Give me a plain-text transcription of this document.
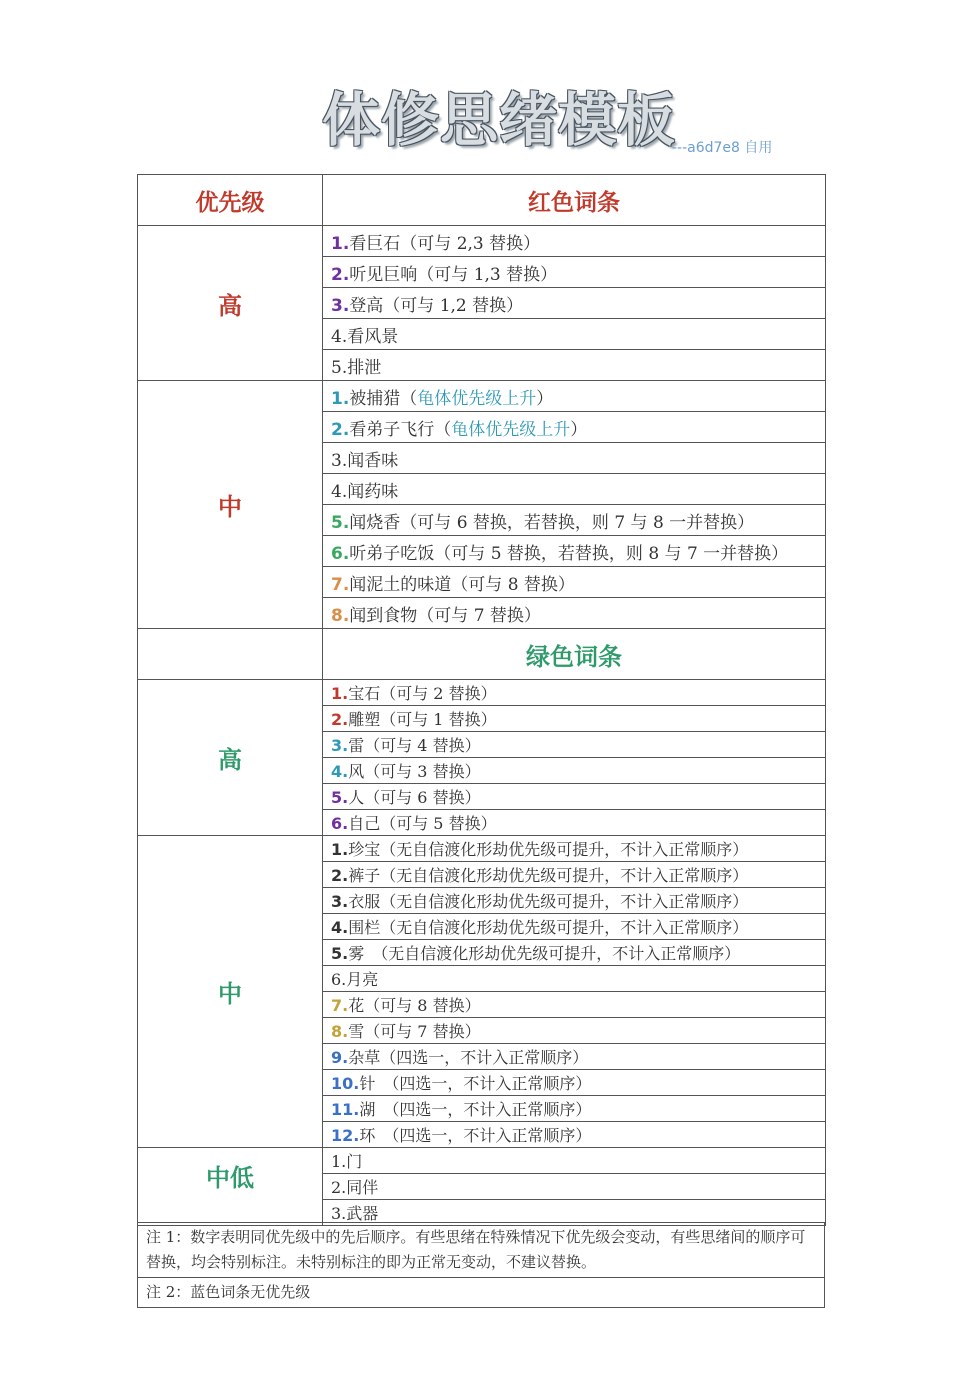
体修思绪模板
---a6d7e8 自用
优先级	红色词条
高	1.看巨石（可与 2,3 替换）
	2.听见巨响（可与 1,3 替换）
	3.登高（可与 1,2 替换）
	4.看风景
	5.排泄
中	1.被捕猎（龟体优先级上升）
	2.看弟子飞行（龟体优先级上升）
	3.闻香味
	4.闻药味
	5.闻烧香（可与 6 替换，若替换，则 7 与 8 一并替换）
	6.听弟子吃饭（可与 5 替换，若替换，则 8 与 7 一并替换）
	7.闻泥土的味道（可与 8 替换）
	8.闻到食物（可与 7 替换）
	绿色词条
高	1.宝石（可与 2 替换）
	2.雕塑（可与 1 替换）
	3.雷（可与 4 替换）
	4.风（可与 3 替换）
	5.人（可与 6 替换）
	6.自己（可与 5 替换）
中	1.珍宝（无自信渡化形劫优先级可提升，不计入正常顺序）
	2.裤子（无自信渡化形劫优先级可提升，不计入正常顺序）
	3.衣服（无自信渡化形劫优先级可提升，不计入正常顺序）
	4.围栏（无自信渡化形劫优先级可提升，不计入正常顺序）
	5.雾　（无自信渡化形劫优先级可提升，不计入正常顺序）
	6.月亮
	7.花（可与 8 替换）
	8.雪（可与 7 替换）
	9.杂草（四选一，不计入正常顺序）
	10.针　（四选一，不计入正常顺序）
	11.湖　（四选一，不计入正常顺序）
	12.环　（四选一，不计入正常顺序）
中低	1.门
	2.同伴
	3.武器
注 1：数字表明同优先级中的先后顺序。有些思绪在特殊情况下优先级会变动，有些思绪间的顺序可替换，均会特别标注。未特别标注的即为正常无变动，不建议替换。
注 2：蓝色词条无优先级
